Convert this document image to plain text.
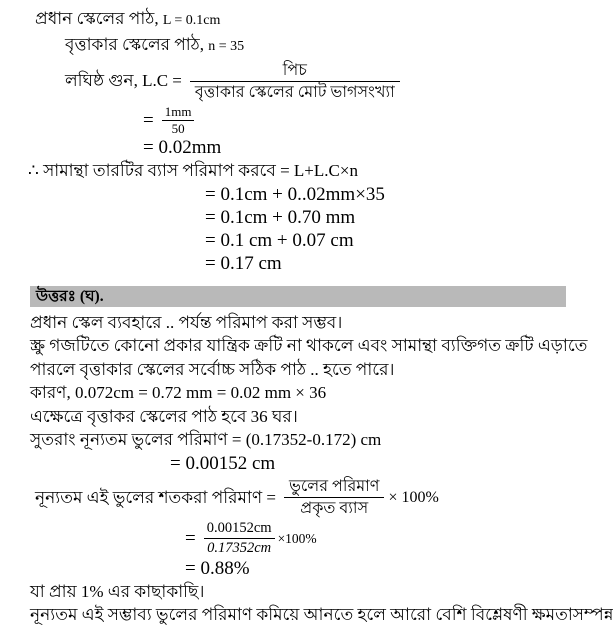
প্রধান স্কেলের পাঠ, L = 0.1cm
বৃত্তাকার স্কেলের পাঠ, n = 35
লঘিষ্ঠ গুন, $L.C = \frac{\text{পিচ}}{\text{বৃত্তাকার স্কেলের মোট ভাগসংখ্যা}}$
= $\frac{1mm}{50}$
= 0.02mm
∴ সামান্থা তারটির ব্যাস পরিমাপ করবে = L+L.C×n
= 0.1cm + 0..02mm×35
= 0.1cm + 0.70 mm
= 0.1 cm + 0.07 cm
= 0.17 cm
উত্তরঃ (ঘ).
প্রধান স্কেল ব্যবহারে .. পর্যন্ত পরিমাপ করা সম্ভব।
স্ক্রু গজটিতে কোনো প্রকার যান্ত্রিক ক্রটি না থাকলে এবং সামান্থা ব্যক্তিগত ক্রটি এড়াতে
পারলে বৃত্তাকার স্কেলের সর্বোচ্চ সঠিক পাঠ .. হতে পারে।
কারণ, 0.072cm = 0.72 mm = 0.02 mm × 36
এক্ষেত্রে বৃত্তাকর স্কেলের পাঠ হবে 36 ঘর।
সুতরাং নূন্যতম ভুলের পরিমাণ = (0.17352-0.172) cm
= 0.00152 cm
নূন্যতম এই ভুলের শতকরা পরিমাণ = $\frac{\text{ভুলের পরিমাণ}}{\text{প্রকৃত ব্যাস}} \times 100\%$
= $\frac{0.00152cm}{0.17352cm} \times 100\%$
= 0.88%
যা প্রায় 1% এর কাছাকাছি।
নূন্যতম এই সম্ভাব্য ভুলের পরিমাণ কমিয়ে আনতে হলে আরো বেশি বিশ্লেষণী ক্ষমতাসম্পন্ন
